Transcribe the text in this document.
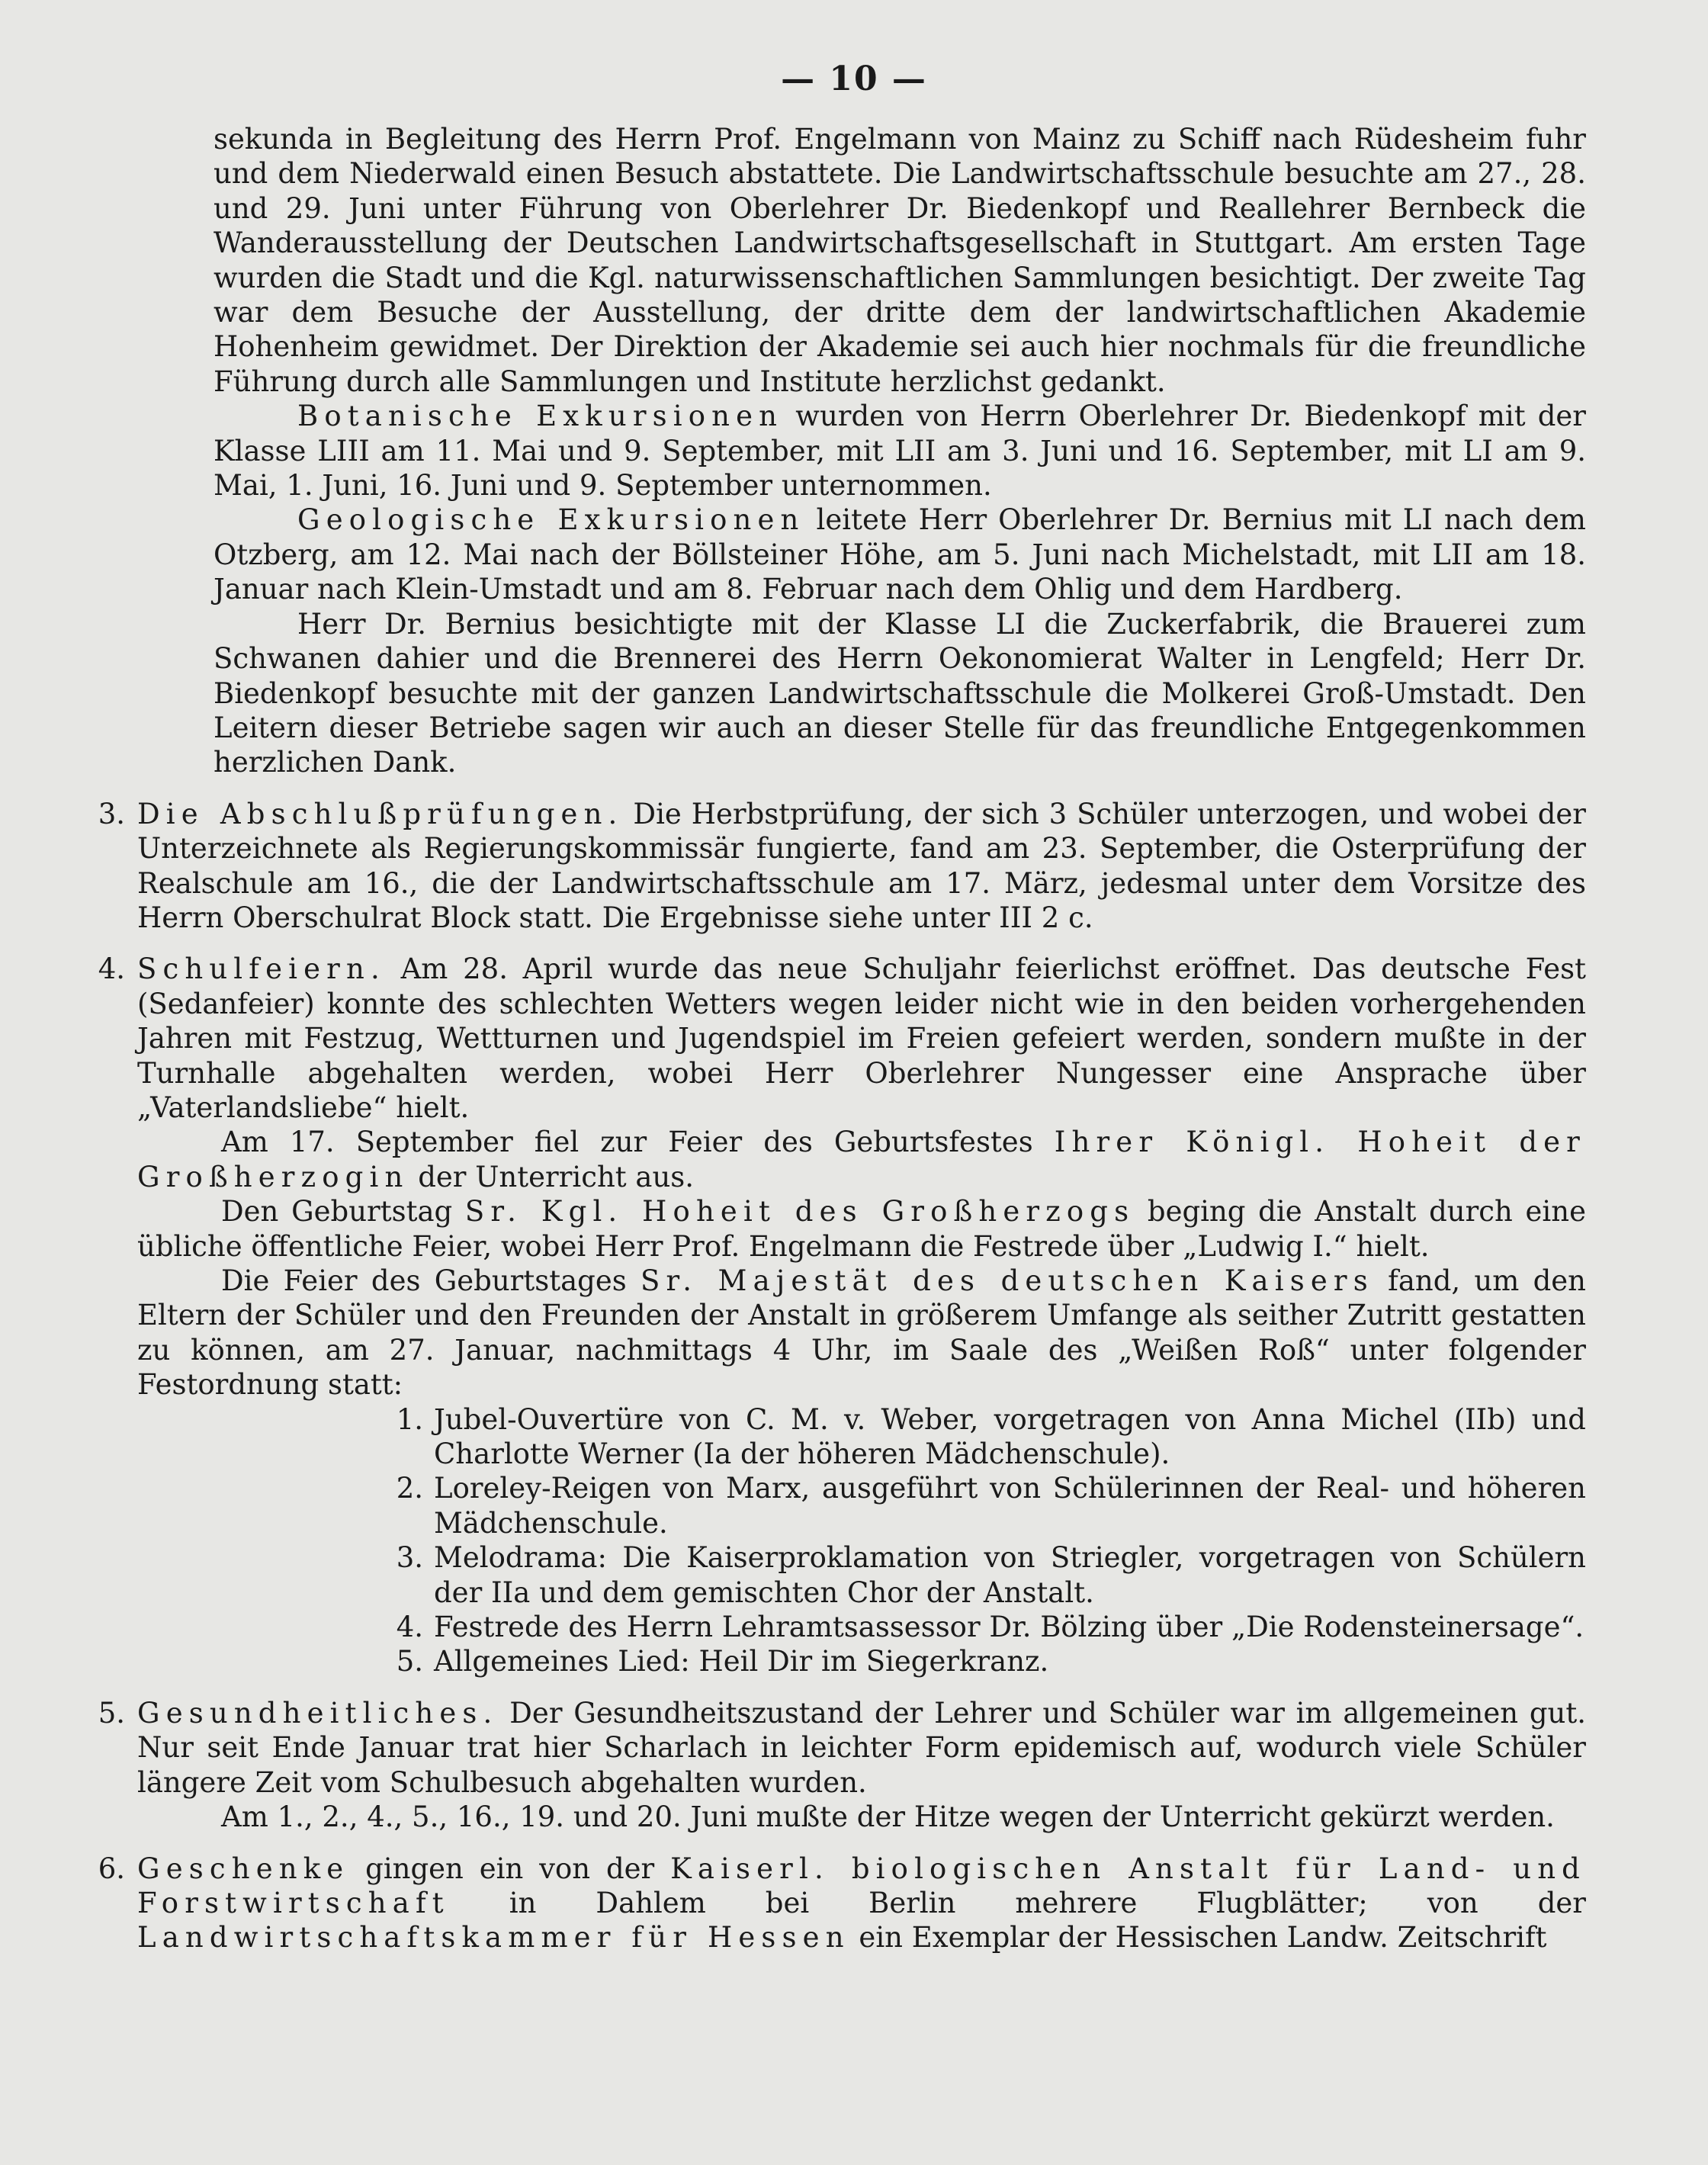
— 10 —

sekunda in Begleitung des Herrn Prof. Engelmann von Mainz zu Schiff nach Rüdesheim fuhr und dem Niederwald einen Besuch abstattete. Die Landwirtschaftsschule besuchte am 27., 28. und 29. Juni unter Führung von Oberlehrer Dr. Biedenkopf und Reallehrer Bernbeck die Wanderausstellung der Deutschen Landwirtschaftsgesellschaft in Stuttgart. Am ersten Tage wurden die Stadt und die Kgl. naturwissenschaftlichen Sammlungen besichtigt. Der zweite Tag war dem Besuche der Ausstellung, der dritte dem der landwirtschaftlichen Akademie Hohenheim gewidmet. Der Direktion der Akademie sei auch hier nochmals für die freundliche Führung durch alle Sammlungen und Institute herzlichst gedankt.

Botanische Exkursionen wurden von Herrn Oberlehrer Dr. Biedenkopf mit der Klasse LIII am 11. Mai und 9. September, mit LII am 3. Juni und 16. September, mit LI am 9. Mai, 1. Juni, 16. Juni und 9. September unternommen.

Geologische Exkursionen leitete Herr Oberlehrer Dr. Bernius mit LI nach dem Otzberg, am 12. Mai nach der Böllsteiner Höhe, am 5. Juni nach Michelstadt, mit LII am 18. Januar nach Klein-Umstadt und am 8. Februar nach dem Ohlig und dem Hardberg.

Herr Dr. Bernius besichtigte mit der Klasse LI die Zuckerfabrik, die Brauerei zum Schwanen dahier und die Brennerei des Herrn Oekonomierat Walter in Lengfeld; Herr Dr. Biedenkopf besuchte mit der ganzen Landwirtschaftsschule die Molkerei Groß-Umstadt. Den Leitern dieser Betriebe sagen wir auch an dieser Stelle für das freundliche Entgegenkommen herzlichen Dank.

3. Die Abschlußprüfungen. Die Herbstprüfung, der sich 3 Schüler unterzogen, und wobei der Unterzeichnete als Regierungskommissär fungierte, fand am 23. September, die Osterprüfung der Realschule am 16., die der Landwirtschaftsschule am 17. März, jedesmal unter dem Vorsitze des Herrn Oberschulrat Block statt. Die Ergebnisse siehe unter III 2 c.

4. Schulfeiern. Am 28. April wurde das neue Schuljahr feierlichst eröffnet. Das deutsche Fest (Sedanfeier) konnte des schlechten Wetters wegen leider nicht wie in den beiden vorhergehenden Jahren mit Festzug, Wettturnen und Jugendspiel im Freien gefeiert werden, sondern mußte in der Turnhalle abgehalten werden, wobei Herr Oberlehrer Nungesser eine Ansprache über „Vaterlandsliebe“ hielt.

Am 17. September fiel zur Feier des Geburtsfestes Ihrer Königl. Hoheit der Großherzogin der Unterricht aus.

Den Geburtstag Sr. Kgl. Hoheit des Großherzogs beging die Anstalt durch eine übliche öffentliche Feier, wobei Herr Prof. Engelmann die Festrede über „Ludwig I.“ hielt.

Die Feier des Geburtstages Sr. Majestät des deutschen Kaisers fand, um den Eltern der Schüler und den Freunden der Anstalt in größerem Umfange als seither Zutritt gestatten zu können, am 27. Januar, nachmittags 4 Uhr, im Saale des „Weißen Roß“ unter folgender Festordnung statt:

1. Jubel-Ouvertüre von C. M. v. Weber, vorgetragen von Anna Michel (IIb) und Charlotte Werner (Ia der höheren Mädchenschule).
2. Loreley-Reigen von Marx, ausgeführt von Schülerinnen der Real- und höheren Mädchenschule.
3. Melodrama: Die Kaiserproklamation von Striegler, vorgetragen von Schülern der IIa und dem gemischten Chor der Anstalt.
4. Festrede des Herrn Lehramtsassessor Dr. Bölzing über „Die Rodensteinersage“.
5. Allgemeines Lied: Heil Dir im Siegerkranz.
5. Gesundheitliches. Der Gesundheitszustand der Lehrer und Schüler war im allgemeinen gut. Nur seit Ende Januar trat hier Scharlach in leichter Form epidemisch auf, wodurch viele Schüler längere Zeit vom Schulbesuch abgehalten wurden.

Am 1., 2., 4., 5., 16., 19. und 20. Juni mußte der Hitze wegen der Unterricht gekürzt werden.

6. Geschenke gingen ein von der Kaiserl. biologischen Anstalt für Land- und Forstwirtschaft in Dahlem bei Berlin mehrere Flugblätter; von der Landwirtschaftskammer für Hessen ein Exemplar der Hessischen Landw. Zeitschrift
